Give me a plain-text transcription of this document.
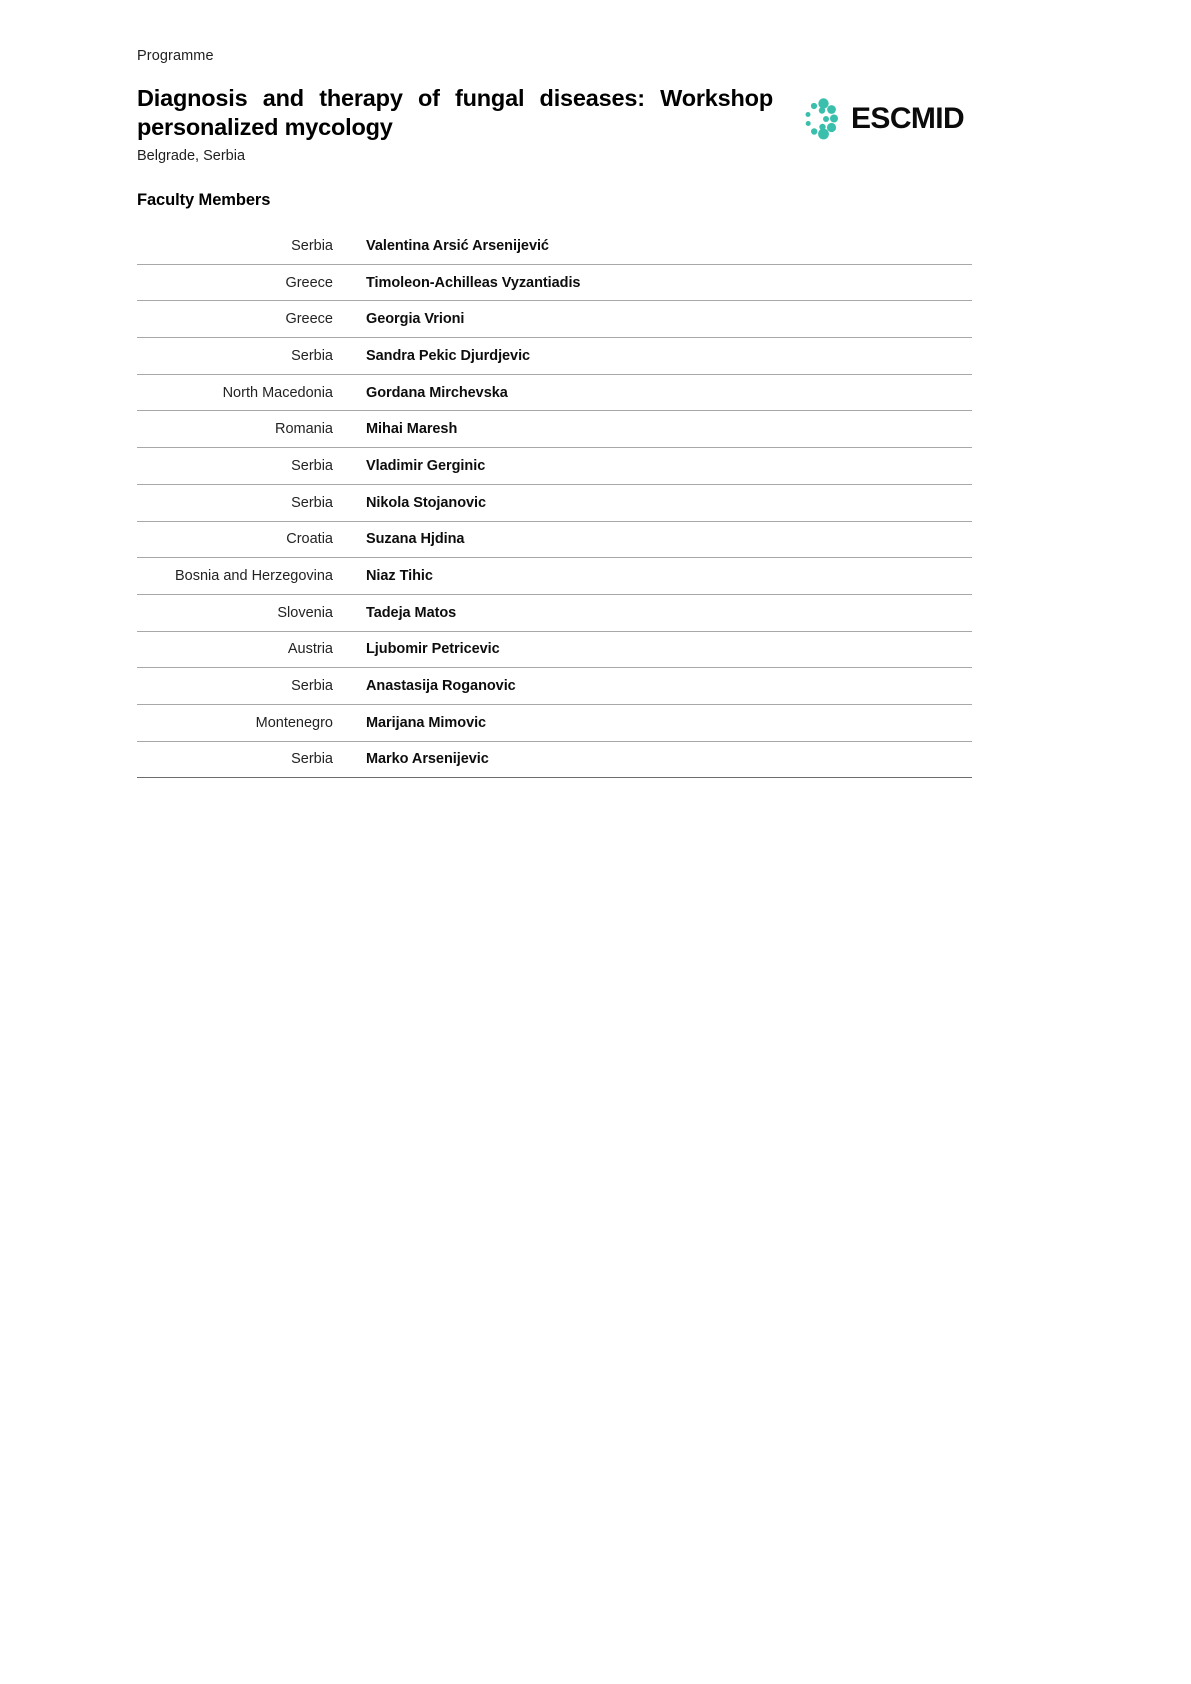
Programme
Diagnosis and therapy of fungal diseases: Workshop personalized mycology
Belgrade, Serbia
ESCMID
Faculty Members
Serbia	Valentina Arsić Arsenijević
Greece	Timoleon-Achilleas Vyzantiadis
Greece	Georgia Vrioni
Serbia	Sandra Pekic Djurdjevic
North Macedonia	Gordana Mirchevska
Romania	Mihai Maresh
Serbia	Vladimir Gerginic
Serbia	Nikola Stojanovic
Croatia	Suzana Hjdina
Bosnia and Herzegovina	Niaz Tihic
Slovenia	Tadeja Matos
Austria	Ljubomir Petricevic
Serbia	Anastasija Roganovic
Montenegro	Marijana Mimovic
Serbia	Marko Arsenijevic
